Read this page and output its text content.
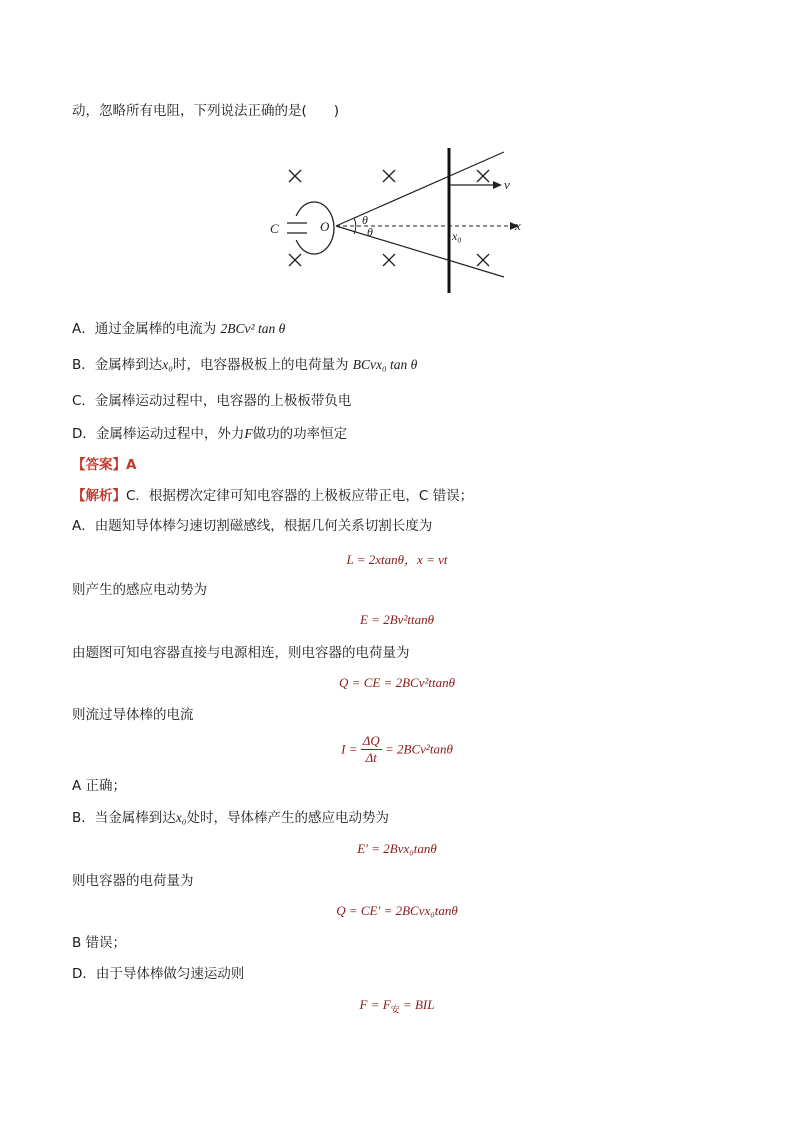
动，忽略所有电阻，下列说法正确的是(　　)
C	O	θ
θ
v
x
x₀
A．通过金属棒的电流为 2BCv² tan θ
B．金属棒到达x₀时，电容器极板上的电荷量为 BCvx₀ tan θ
C．金属棒运动过程中，电容器的上极板带负电
D．金属棒运动过程中，外力F做功的功率恒定
【答案】A
【解析】C．根据楞次定律可知电容器的上极板应带正电，C 错误；
A．由题知导体棒匀速切割磁感线，根据几何关系切割长度为
L = 2xtanθ，x = vt
则产生的感应电动势为
E = 2Bv²ttanθ
由题图可知电容器直接与电源相连，则电容器的电荷量为
Q = CE = 2BCv²ttanθ
则流过导体棒的电流
$I = \frac{\Delta Q}{\Delta t} = 2BCv^2\tan\theta$
A 正确；
B．当金属棒到达x₀处时，导体棒产生的感应电动势为
E′ = 2Bvx₀tanθ
则电容器的电荷量为
Q = CE′ = 2BCvx₀tanθ
B 错误；
D．由于导体棒做匀速运动则
$F = F_安$ = BIL
